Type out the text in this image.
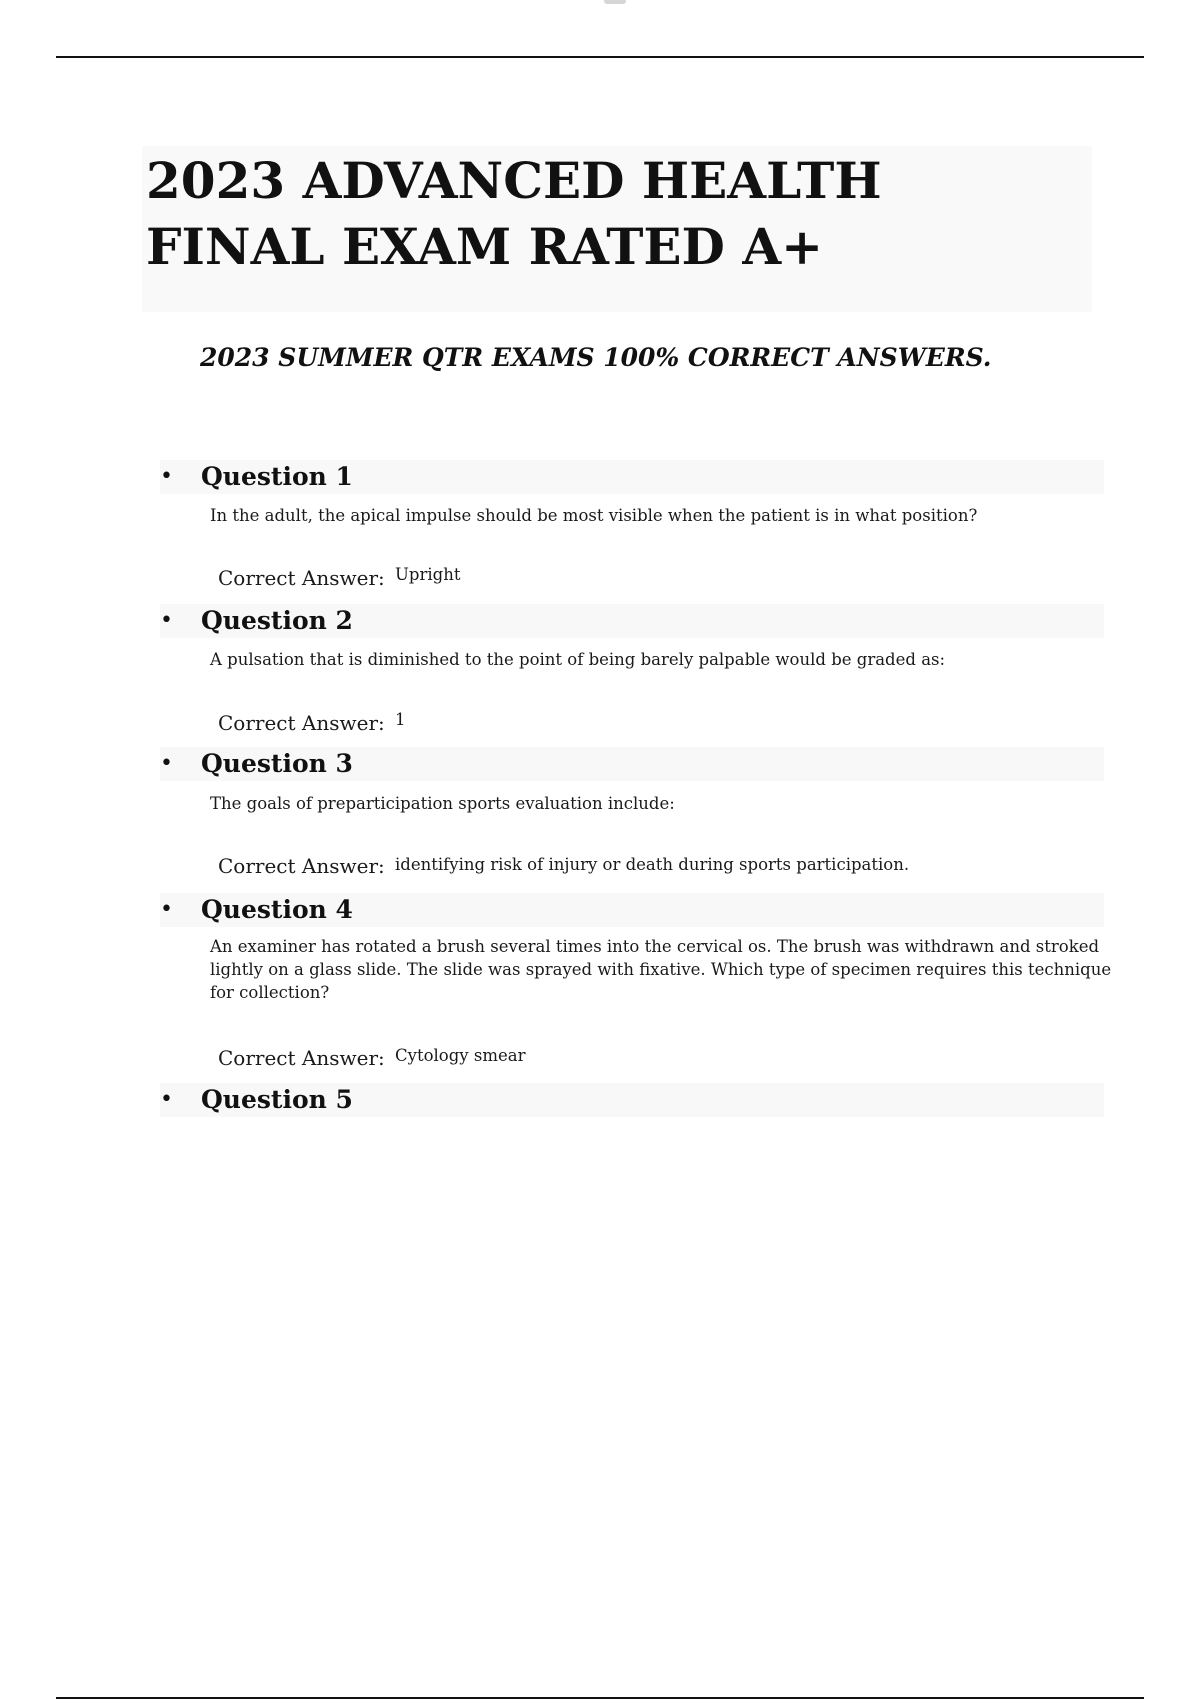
2023 ADVANCED HEALTH FINAL EXAM RATED A+
2023 SUMMER QTR EXAMS 100% CORRECT ANSWERS.
• Question 1

In the adult, the apical impulse should be most visible when the patient is in what position?

Correct Answer: Upright
• Question 2

A pulsation that is diminished to the point of being barely palpable would be graded as:

Correct Answer: 1
• Question 3

The goals of preparticipation sports evaluation include:

Correct Answer: identifying risk of injury or death during sports participation.
• Question 4

An examiner has rotated a brush several times into the cervical os. The brush was withdrawn and stroked lightly on a glass slide. The slide was sprayed with fixative. Which type of specimen requires this technique for collection?

Correct Answer: Cytology smear
• Question 5
